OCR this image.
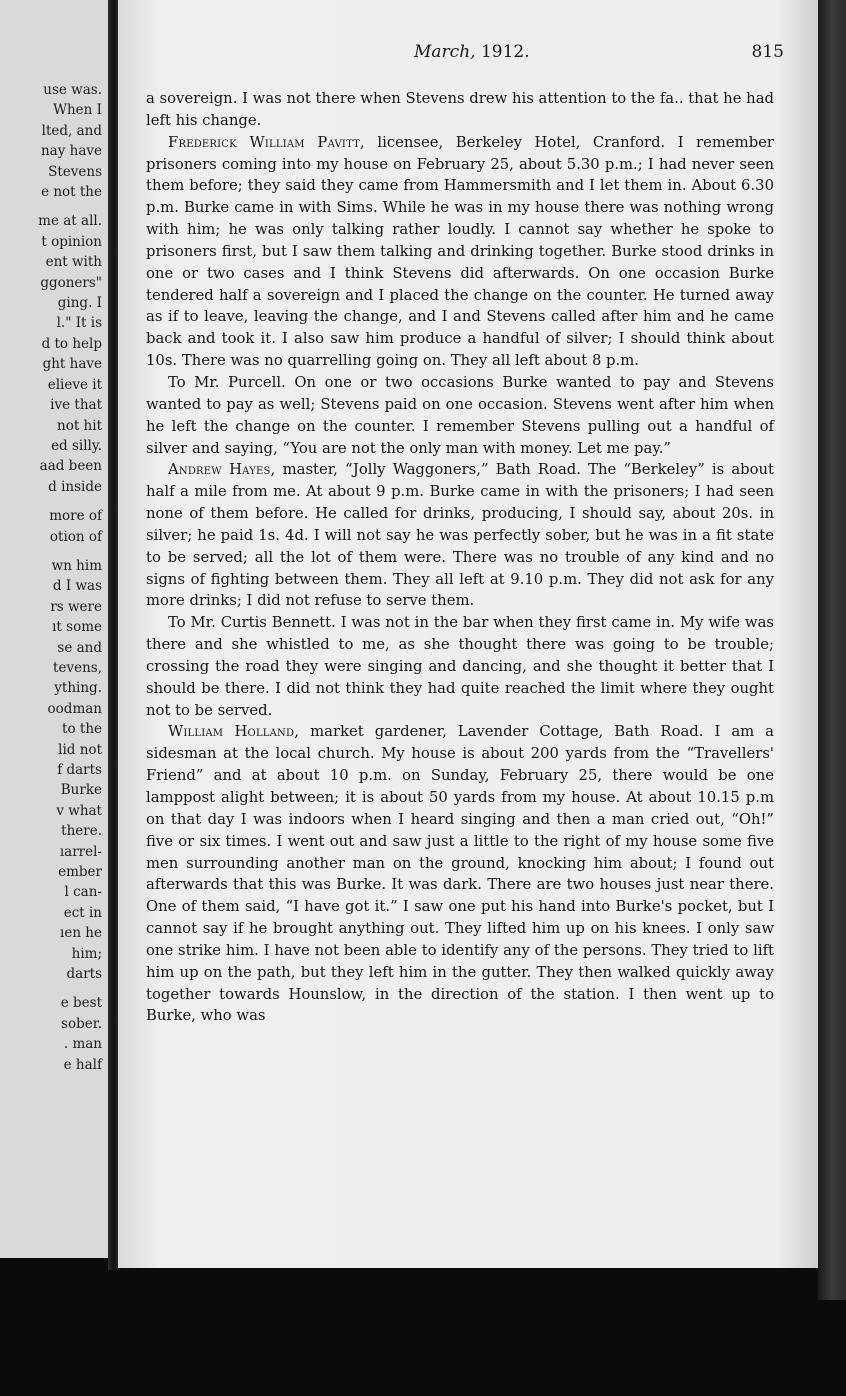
use was.
When I
lted, and
nay have
Stevens
e not the
me at all.
t opinion
ent with
ggoners"
ging. I
l." It is
d to help
ght have
elieve it
ive that
not hit
ed silly.
aad been
d inside
more of
otion of
wn him
d I was
rs were
ıt some
se and
tevens,
ything.
oodman
to the
lid not
f darts
Burke
v what
there.
ıarrel-
ember
l can-
ect in
ıen he
him;
darts
e best
sober.
. man
e half
March, 1912.	815

a sovereign. I was not there when Stevens drew his attention to the fa.. that he had left his change.

Frederick William Pavitt, licensee, Berkeley Hotel, Cranford. I remember prisoners coming into my house on February 25, about 5.30 p.m.; I had never seen them before; they said they came from Hammersmith and I let them in. About 6.30 p.m. Burke came in with Sims. While he was in my house there was nothing wrong with him; he was only talking rather loudly. I cannot say whether he spoke to prisoners first, but I saw them talking and drinking together. Burke stood drinks in one or two cases and I think Stevens did afterwards. On one occasion Burke tendered half a sovereign and I placed the change on the counter. He turned away as if to leave, leaving the change, and I and Stevens called after him and he came back and took it. I also saw him produce a handful of silver; I should think about 10s. There was no quarrelling going on. They all left about 8 p.m.

To Mr. Purcell. On one or two occasions Burke wanted to pay and Stevens wanted to pay as well; Stevens paid on one occasion. Stevens went after him when he left the change on the counter. I remember Stevens pulling out a handful of silver and saying, “You are not the only man with money. Let me pay.”

Andrew Hayes, master, “Jolly Waggoners,” Bath Road. The “Berkeley” is about half a mile from me. At about 9 p.m. Burke came in with the prisoners; I had seen none of them before. He called for drinks, producing, I should say, about 20s. in silver; he paid 1s. 4d. I will not say he was perfectly sober, but he was in a fit state to be served; all the lot of them were. There was no trouble of any kind and no signs of fighting between them. They all left at 9.10 p.m. They did not ask for any more drinks; I did not refuse to serve them.

To Mr. Curtis Bennett. I was not in the bar when they first came in. My wife was there and she whistled to me, as she thought there was going to be trouble; crossing the road they were singing and dancing, and she thought it better that I should be there. I did not think they had quite reached the limit where they ought not to be served.

William Holland, market gardener, Lavender Cottage, Bath Road. I am a sidesman at the local church. My house is about 200 yards from the “Travellers' Friend” and at about 10 p.m. on Sunday, February 25, there would be one lamppost alight between; it is about 50 yards from my house. At about 10.15 p.m on that day I was indoors when I heard singing and then a man cried out, “Oh!” five or six times. I went out and saw just a little to the right of my house some five men surrounding another man on the ground, knocking him about; I found out afterwards that this was Burke. It was dark. There are two houses just near there. One of them said, “I have got it.” I saw one put his hand into Burke's pocket, but I cannot say if he brought anything out. They lifted him up on his knees. I only saw one strike him. I have not been able to identify any of the persons. They tried to lift him up on the path, but they left him in the gutter. They then walked quickly away together towards Hounslow, in the direction of the station. I then went up to Burke, who was
